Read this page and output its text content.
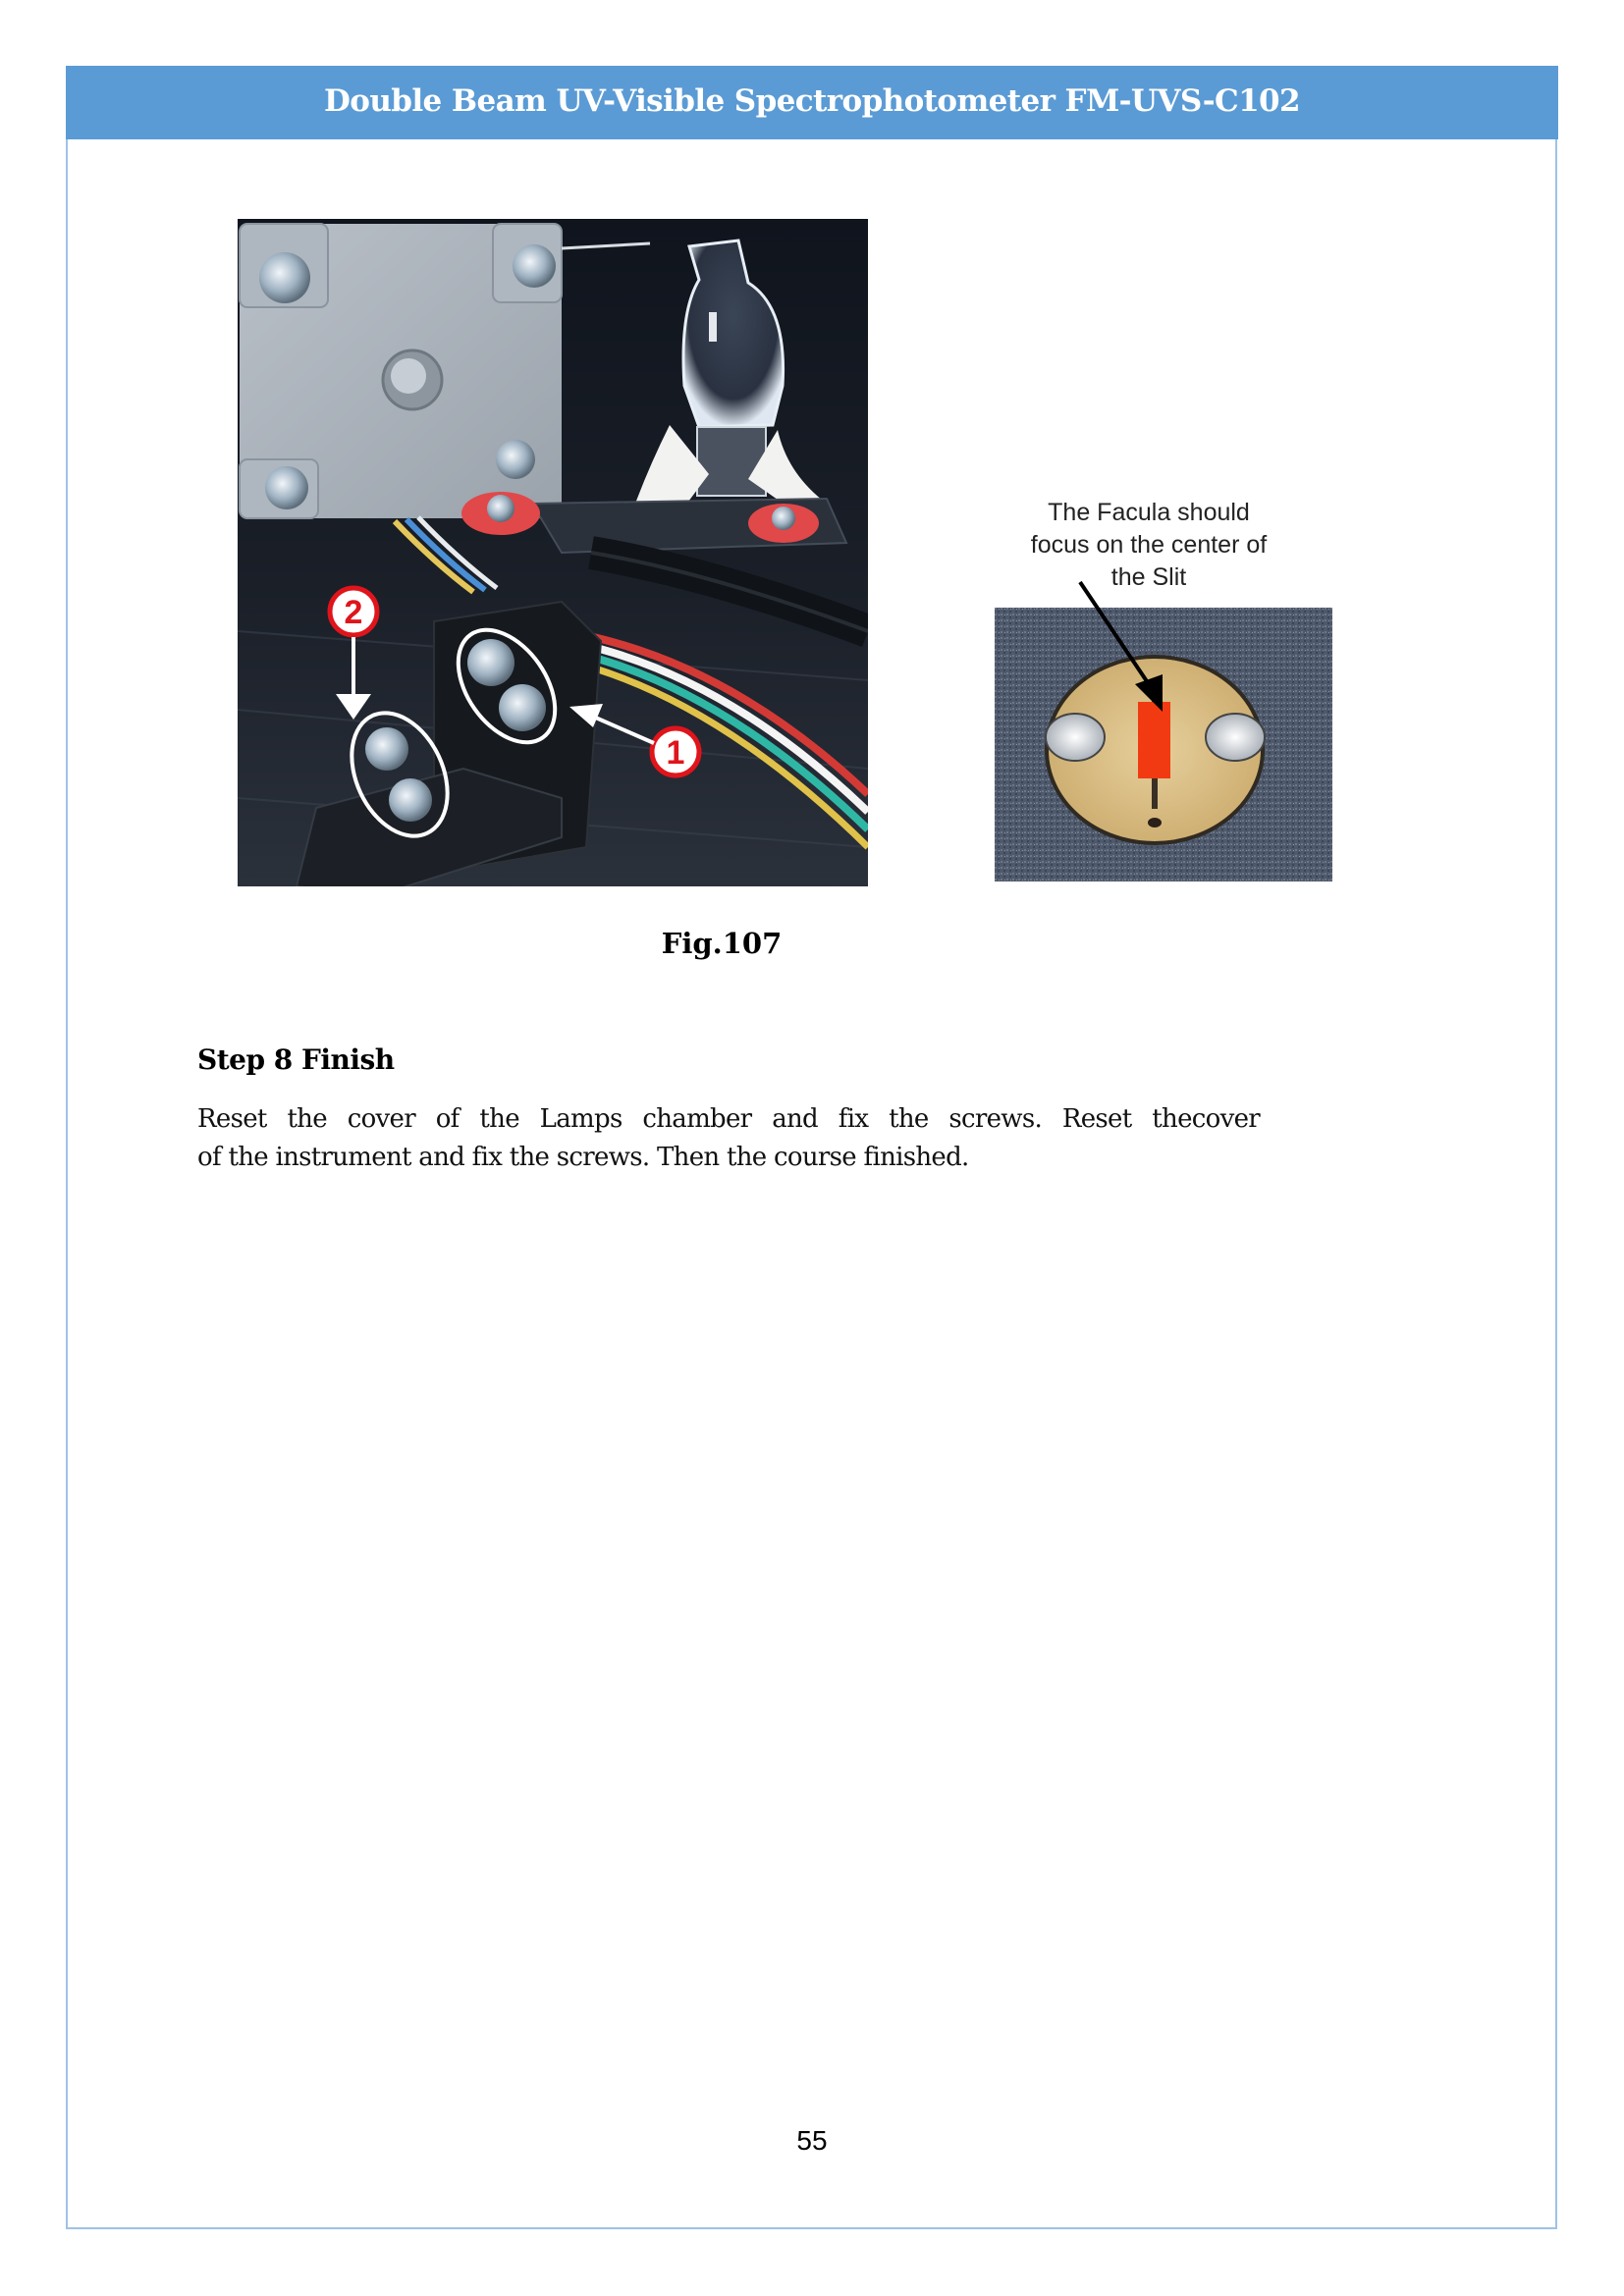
Double Beam UV-Visible Spectrophotometer FM-UVS-C102
2
1
The Facula should
focus on the center of
the Slit
Fig.107
Step 8 Finish
Reset the cover of the Lamps chamber and fix the screws. Reset thecover
of the instrument and fix the screws. Then the course finished.
55
